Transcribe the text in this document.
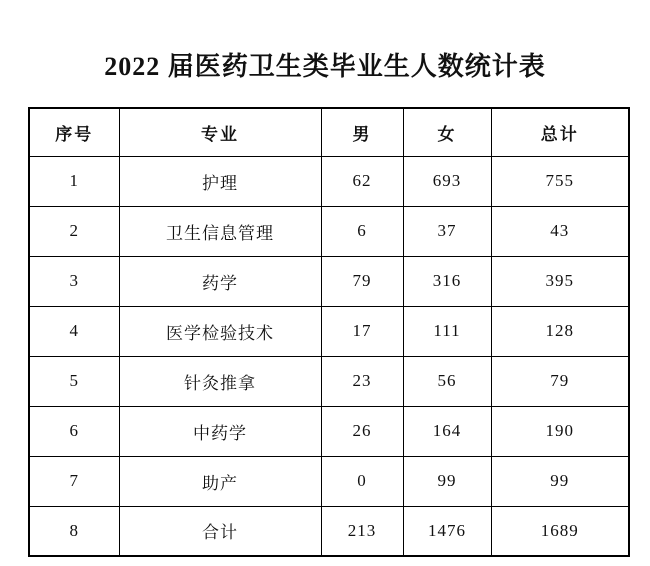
2022 届医药卫生类毕业生人数统计表
序号	专业	男	女	总计
1	护理	62	693	755
2	卫生信息管理	6	37	43
3	药学	79	316	395
4	医学检验技术	17	111	128
5	针灸推拿	23	56	79
6	中药学	26	164	190
7	助产	0	99	99
8	合计	213	1476	1689
